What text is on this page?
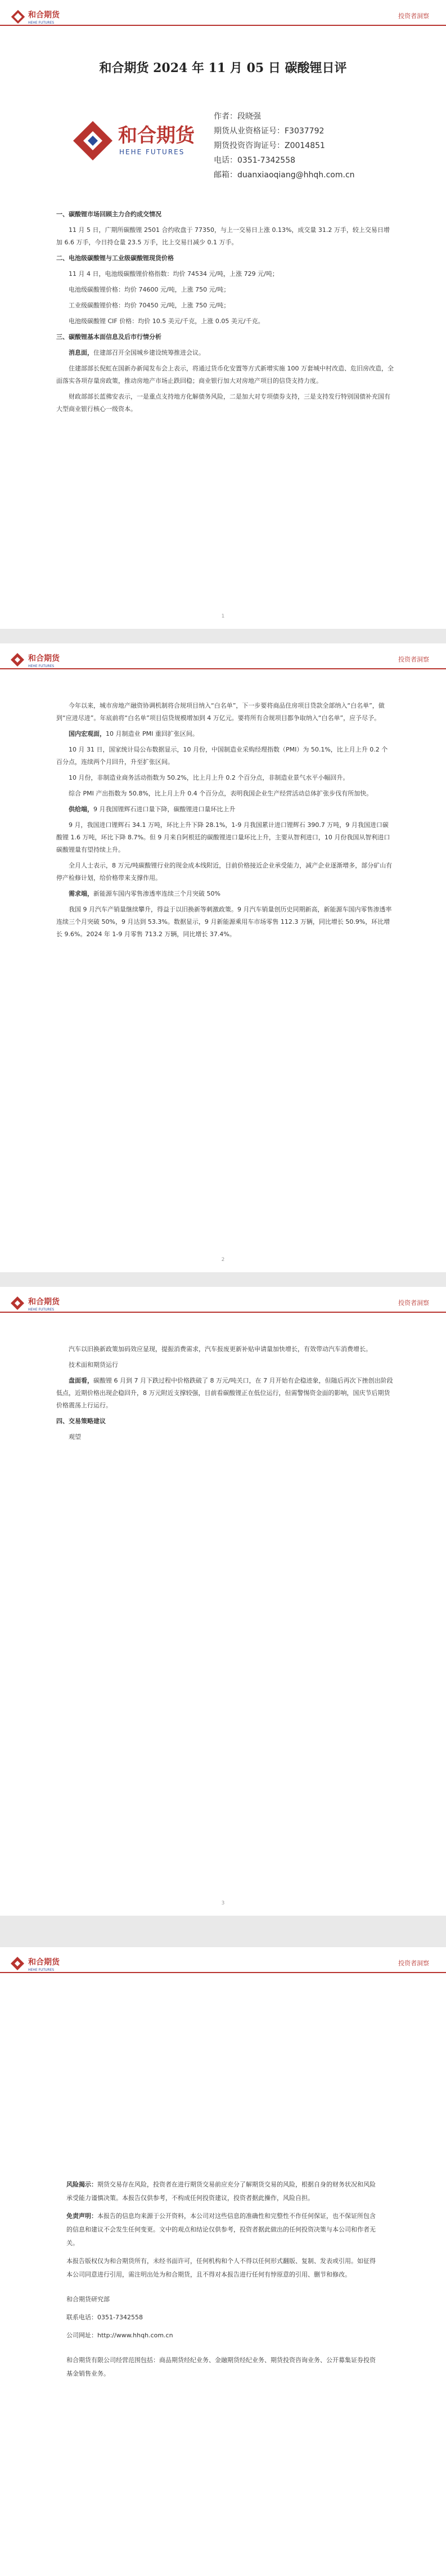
和合期货
HEHE FUTURES
投资者洞察
和合期货 2024 年 11 月 05 日 碳酸锂日评
和合期货
HEHE FUTURES
作者：段晓强
期货从业资格证号：F3037792
期货投资咨询证号：Z0014851
电话：0351-7342558
邮箱：duanxiaoqiang@hhqh.com.cn

一、碳酸锂市场回顾主力合约成交情况

11 月 5 日，广期所碳酸锂 2501 合约收盘于 77350，与上一交易日上涨 0.13%，成交量 31.2 万手，较上交易日增加 6.6 万手，今日持仓量 23.5 万手，比上交易日减少 0.1 万手。

二、电池级碳酸锂与工业级碳酸锂现货价格

11 月 4 日，电池级碳酸锂价格指数：均价 74534 元/吨，上涨 729 元/吨；

电池级碳酸锂价格：均价 74600 元/吨，上涨 750 元/吨；

工业级碳酸锂价格：均价 70450 元/吨，上涨 750 元/吨；

电池级碳酸锂 CIF 价格：均价 10.5 美元/千克，上涨 0.05 美元/千克。

三、碳酸锂基本面信息及后市行情分析

消息面，住建部召开全国城乡建设统筹推进会议。

住建部部长倪虹在国新办新闻发布会上表示，将通过货币化安置等方式新增实施 100 万套城中村改造、危旧房改造，全面落实各项存量房政策，推动房地产市场止跌回稳；商业银行加大对房地产项目的信贷支持力度。

财政部部长蓝佛安表示，一是重点支持地方化解债务风险，二是加大对专项债券支持，三是支持发行特别国债补充国有大型商业银行核心一级资本。

1
和合期货
HEHE FUTURES
投资者洞察

今年以来，城市房地产融资协调机制将合规项目纳入“白名单”，下一步要将商品住房项目贷款全部纳入“白名单”，做到“应进尽进”。年底前将“白名单”项目信贷规模增加到 4 万亿元。要将所有合规项目都争取纳入“白名单”，应予尽予。

国内宏观面，10 月制造业 PMI 重回扩张区间。

10 月 31 日，国家统计局公布数据显示，10 月份，中国制造业采购经理指数（PMI）为 50.1%，比上月上升 0.2 个百分点，连续两个月回升，升至扩张区间。

10 月份，非制造业商务活动指数为 50.2%，比上月上升 0.2 个百分点，非制造业景气水平小幅回升。

综合 PMI 产出指数为 50.8%，比上月上升 0.4 个百分点，表明我国企业生产经营活动总体扩张步伐有所加快。

供给端，9 月我国锂辉石进口量下降，碳酸锂进口量环比上升

9 月，我国进口锂辉石 34.1 万吨，环比上升下降 28.1%，1-9 月我国累计进口锂辉石 390.7 万吨，9 月我国进口碳酸锂 1.6 万吨，环比下降 8.7%。但 9 月来自阿根廷的碳酸锂进口量环比上升，主要从智利进口，10 月份我国从智利进口碳酸锂量有望持续上升。

全月人士表示，8 万元/吨碳酸锂行业的现金成本线附近，目前价格接近企业承受能力，减产企业逐渐增多，部分矿山有停产检修计划，给价格带来支撑作用。

需求端，新能源车国内零售渗透率连续三个月突破 50%

我国 9 月汽车产销量继续攀升，得益于以旧换新等刺激政策。9 月汽车销量创历史同期新高，新能源车国内零售渗透率连续三个月突破 50%，9 月达到 53.3%。数据显示，9 月新能源乘用车市场零售 112.3 万辆，同比增长 50.9%，环比增长 9.6%。2024 年 1-9 月零售 713.2 万辆，同比增长 37.4%。

2
和合期货
HEHE FUTURES
投资者洞察

汽车以旧换新政策加码效应显现，提振消费需求，汽车报废更新补贴申请量加快增长，有效带动汽车消费增长。

技术面和期货运行

盘面看，碳酸锂 6 月到 7 月下跌过程中价格跌破了 8 万元/吨关口，在 7 月开始有企稳迹象，但随后再次下挫创出阶段低点，近期价格出现企稳回升，8 万元附近支撑较强，目前看碳酸锂正在低位运行，但需警惕资金面的影响，国庆节后期货价格震荡上行运行。

四、交易策略建议

观望

3
和合期货
HEHE FUTURES
投资者洞察

风险揭示：期货交易存在风险，投资者在进行期货交易前应充分了解期货交易的风险，根据自身的财务状况和风险承受能力谨慎决策。本报告仅供参考，不构成任何投资建议，投资者据此操作，风险自担。

免责声明：本报告的信息均来源于公开资料，本公司对这些信息的准确性和完整性不作任何保证，也不保证所包含的信息和建议不会发生任何变更。文中的观点和结论仅供参考，投资者据此做出的任何投资决策与本公司和作者无关。

本报告版权仅为和合期货所有，未经书面许可，任何机构和个人不得以任何形式翻版、复制、发表或引用。如征得本公司同意进行引用，需注明出处为和合期货，且不得对本报告进行任何有悖原意的引用、删节和修改。

和合期货研究部

联系电话：0351-7342558

公司网址：http://www.hhqh.com.cn

和合期货有限公司经营范围包括：商品期货经纪业务、金融期货经纪业务、期货投资咨询业务、公开募集证券投资基金销售业务。
